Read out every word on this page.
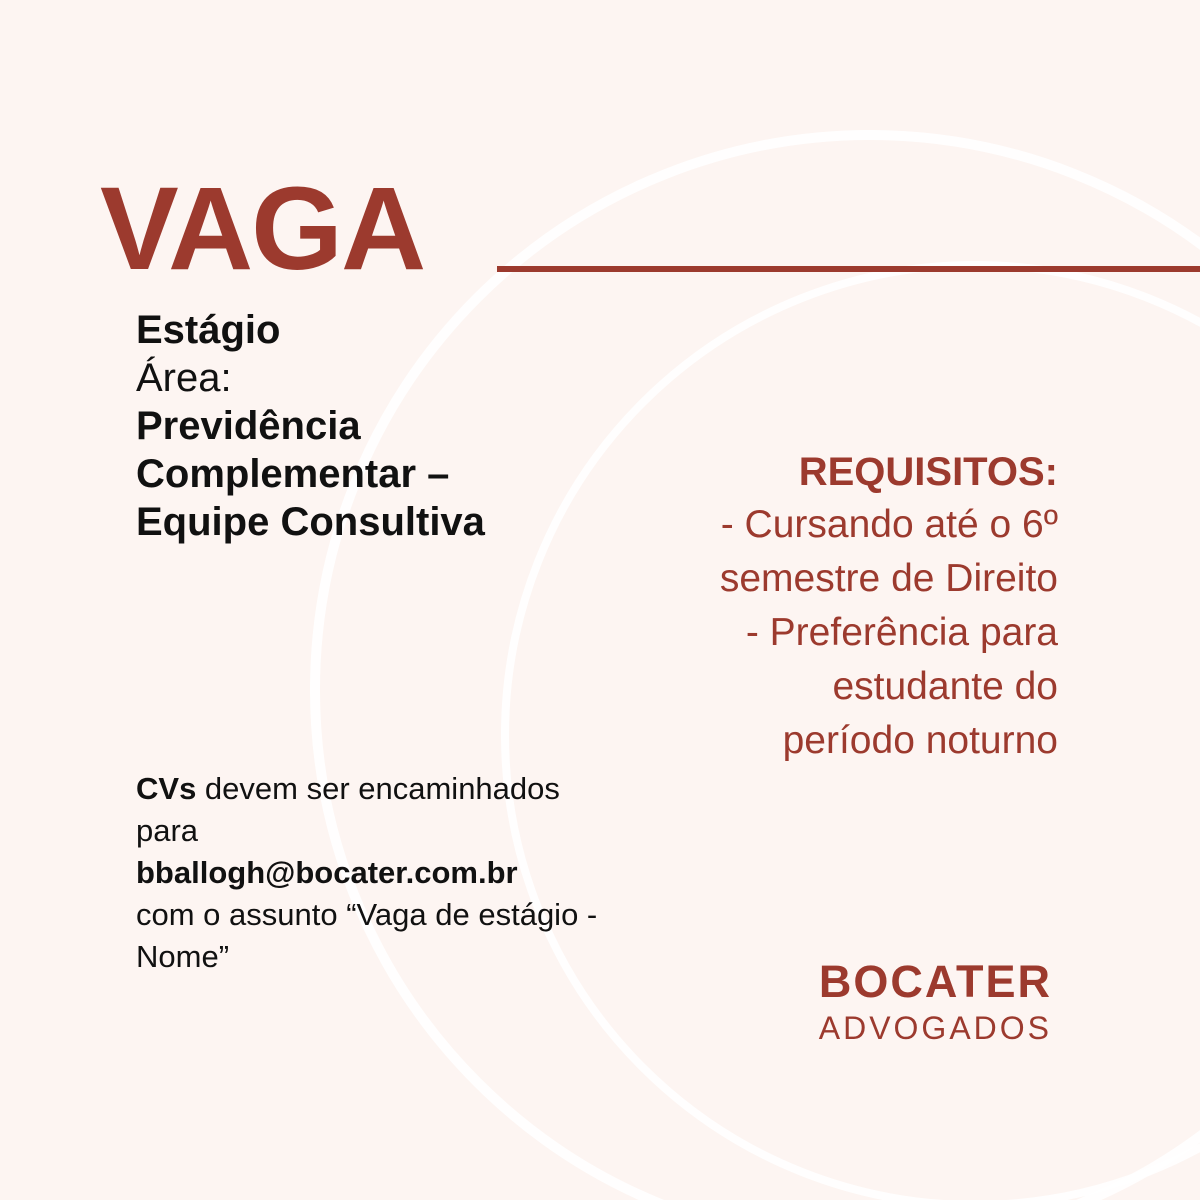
VAGA
Estágio
Área:
Previdência
Complementar –
Equipe Consultiva
REQUISITOS:
- Cursando até o 6º
semestre de Direito
- Preferência para
estudante do
período noturno
CVs devem ser encaminhados para
bballogh@bocater.com.br
com o assunto “Vaga de estágio - Nome”	BOCATER
ADVOGADOS
